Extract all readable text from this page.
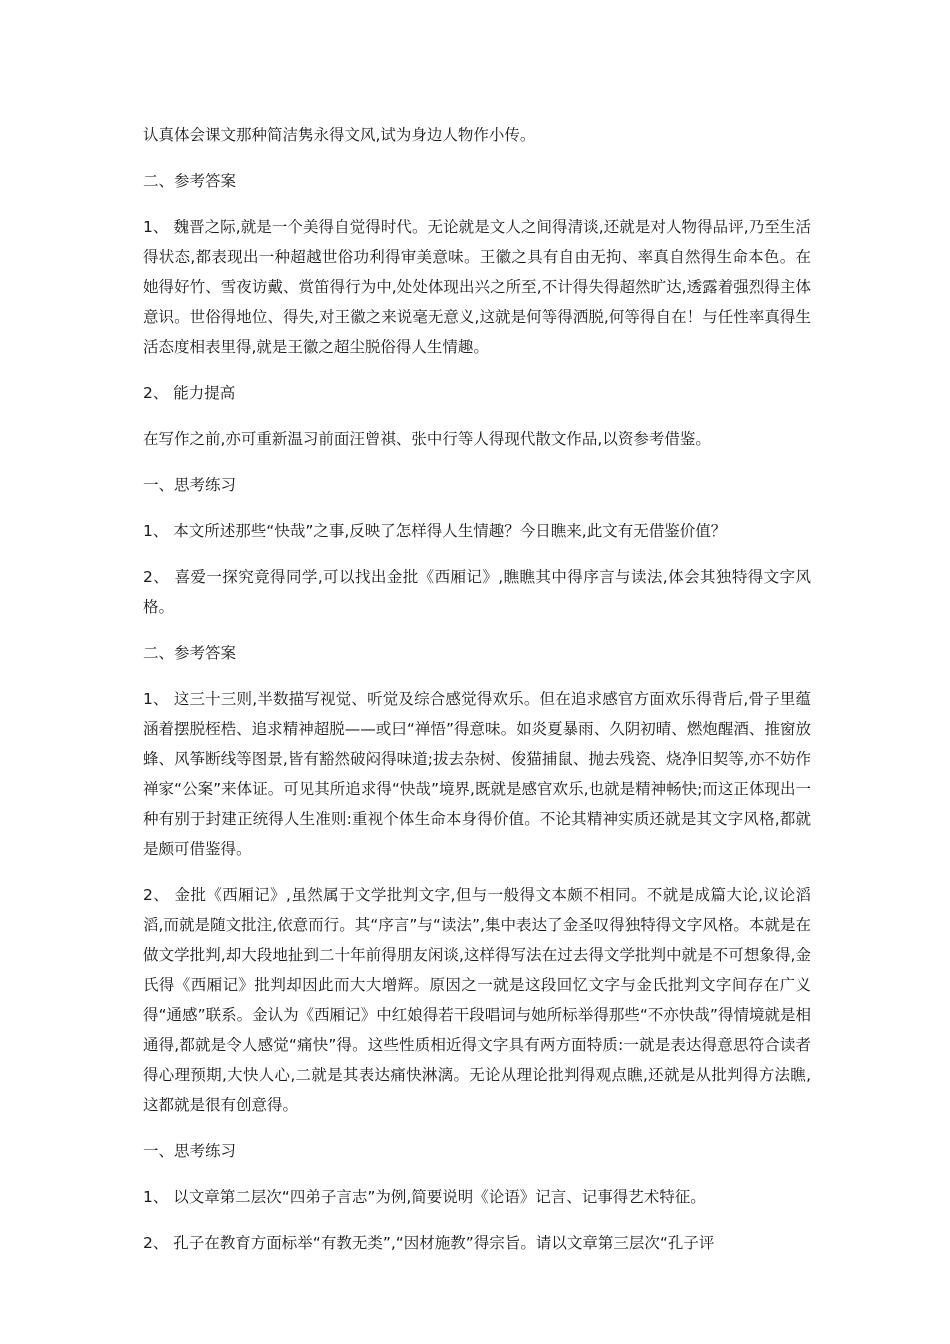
认真体会课文那种简洁隽永得文风,试为身边人物作小传。

二、参考答案

1、 魏晋之际,就是一个美得自觉得时代。无论就是文人之间得清谈,还就是对人物得品评,乃至生活得状态,都表现出一种超越世俗功利得审美意味。王徽之具有自由无拘、率真自然得生命本色。在她得好竹、雪夜访戴、赏笛得行为中,处处体现出兴之所至,不计得失得超然旷达,透露着强烈得主体意识。世俗得地位、得失,对王徽之来说毫无意义,这就是何等得洒脱,何等得自在！与任性率真得生活态度相表里得,就是王徽之超尘脱俗得人生情趣。

2、 能力提高

在写作之前,亦可重新温习前面汪曾祺、张中行等人得现代散文作品,以资参考借鉴。

一、思考练习

1、 本文所述那些“快哉”之事,反映了怎样得人生情趣？今日瞧来,此文有无借鉴价值？

2、 喜爱一探究竟得同学,可以找出金批《西厢记》,瞧瞧其中得序言与读法,体会其独特得文字风格。

二、参考答案

1、 这三十三则,半数描写视觉、听觉及综合感觉得欢乐。但在追求感官方面欢乐得背后,骨子里蕴涵着摆脱桎梏、追求精神超脱——或曰“禅悟”得意味。如炎夏暴雨、久阴初晴、燃炮醒酒、推窗放蜂、风筝断线等图景,皆有豁然破闷得味道;拔去杂树、俊猫捕鼠、抛去残瓷、烧净旧契等,亦不妨作禅家“公案”来体证。可见其所追求得“快哉”境界,既就是感官欢乐,也就是精神畅快;而这正体现出一种有别于封建正统得人生准则:重视个体生命本身得价值。不论其精神实质还就是其文字风格,都就是颇可借鉴得。

2、 金批《西厢记》,虽然属于文学批判文字,但与一般得文本颇不相同。不就是成篇大论,议论滔滔,而就是随文批注,依意而行。其“序言”与“读法”,集中表达了金圣叹得独特得文字风格。本就是在做文学批判,却大段地扯到二十年前得朋友闲谈,这样得写法在过去得文学批判中就是不可想象得,金氏得《西厢记》批判却因此而大大增辉。原因之一就是这段回忆文字与金氏批判文字间存在广义得“通感”联系。金认为《西厢记》中红娘得若干段唱词与她所标举得那些“不亦快哉”得情境就是相通得,都就是令人感觉“痛快”得。这些性质相近得文字具有两方面特质:一就是表达得意思符合读者得心理预期,大快人心,二就是其表达痛快淋漓。无论从理论批判得观点瞧,还就是从批判得方法瞧,这都就是很有创意得。

一、思考练习

1、 以文章第二层次“四弟子言志”为例,简要说明《论语》记言、记事得艺术特征。

2、 孔子在教育方面标举“有教无类”,“因材施教”得宗旨。请以文章第三层次“孔子评
